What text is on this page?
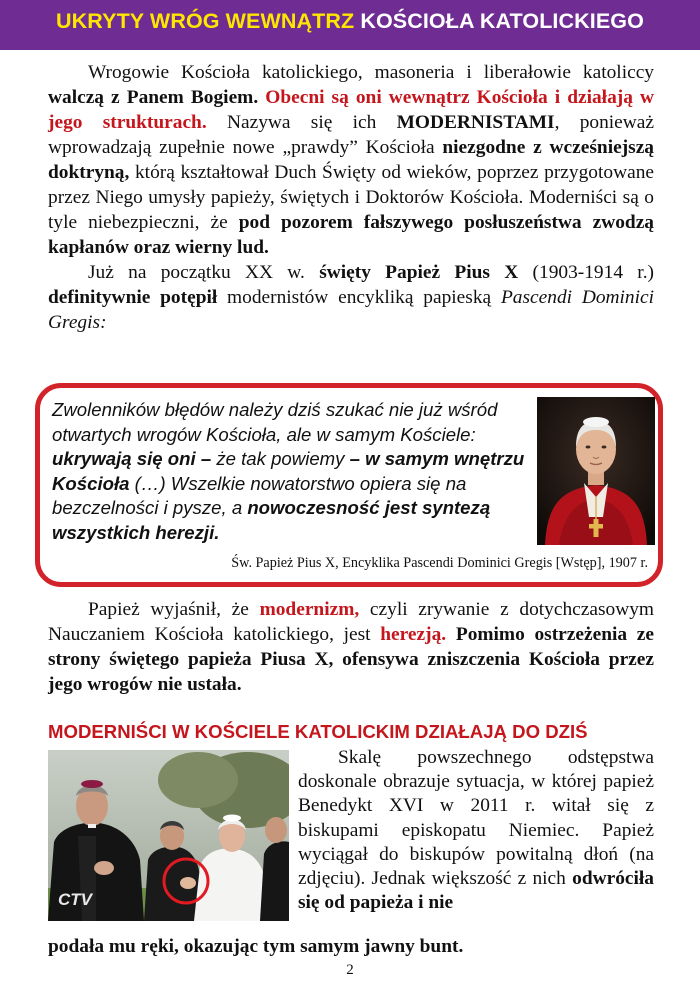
UKRYTY WRÓG WEWNĄTRZ KOŚCIOŁA KATOLICKIEGO

Wrogowie Kościoła katolickiego, masoneria i liberałowie katoliccy walczą z Panem Bogiem. Obecni są oni wewnątrz Kościoła i działają w jego strukturach. Nazywa się ich MODERNISTAMI, ponieważ wprowadzają zupełnie nowe „prawdy” Kościoła niezgodne z wcześniejszą doktryną, którą kształtował Duch Święty od wieków, poprzez przygotowane przez Niego umysły papieży, świętych i Doktorów Kościoła. Moderniści są o tyle niebezpieczni, że pod pozorem fałszywego posłuszeństwa zwodzą kapłanów oraz wierny lud.

Już na początku XX w. święty Papież Pius X (1903-1914 r.) definitywnie potępił modernistów encykliką papieską Pascendi Dominici Gregis:

Zwolenników błędów należy dziś szukać nie już wśród otwartych wrogów Kościoła, ale w samym Kościele: ukrywają się oni – że tak powiemy – w samym wnętrzu Kościoła (…) Wszelkie nowatorstwo opiera się na bezczelności i pysze, a nowoczesność jest syntezą wszystkich herezji.
Św. Papież Pius X, Encyklika Pascendi Dominici Gregis [Wstęp], 1907 r.

Papież wyjaśnił, że modernizm, czyli zrywanie z dotychczasowym Nauczaniem Kościoła katolickiego, jest herezją. Pomimo ostrzeżenia ze strony świętego papieża Piusa X, ofensywa zniszczenia Kościoła przez jego wrogów nie ustała.

MODERNIŚCI W KOŚCIELE KATOLICKIM DZIAŁAJĄ DO DZIŚ
CTV
Skalę powszechnego odstępstwa doskonale obrazuje sytuacja, w której papież Benedykt XVI w 2011 r. witał się z biskupami episkopatu Niemiec. Papież wyciągał do biskupów powitalną dłoń (na zdjęciu). Jednak większość z nich odwróciła się od papieża i nie
podała mu ręki, okazując tym samym jawny bunt.
2
